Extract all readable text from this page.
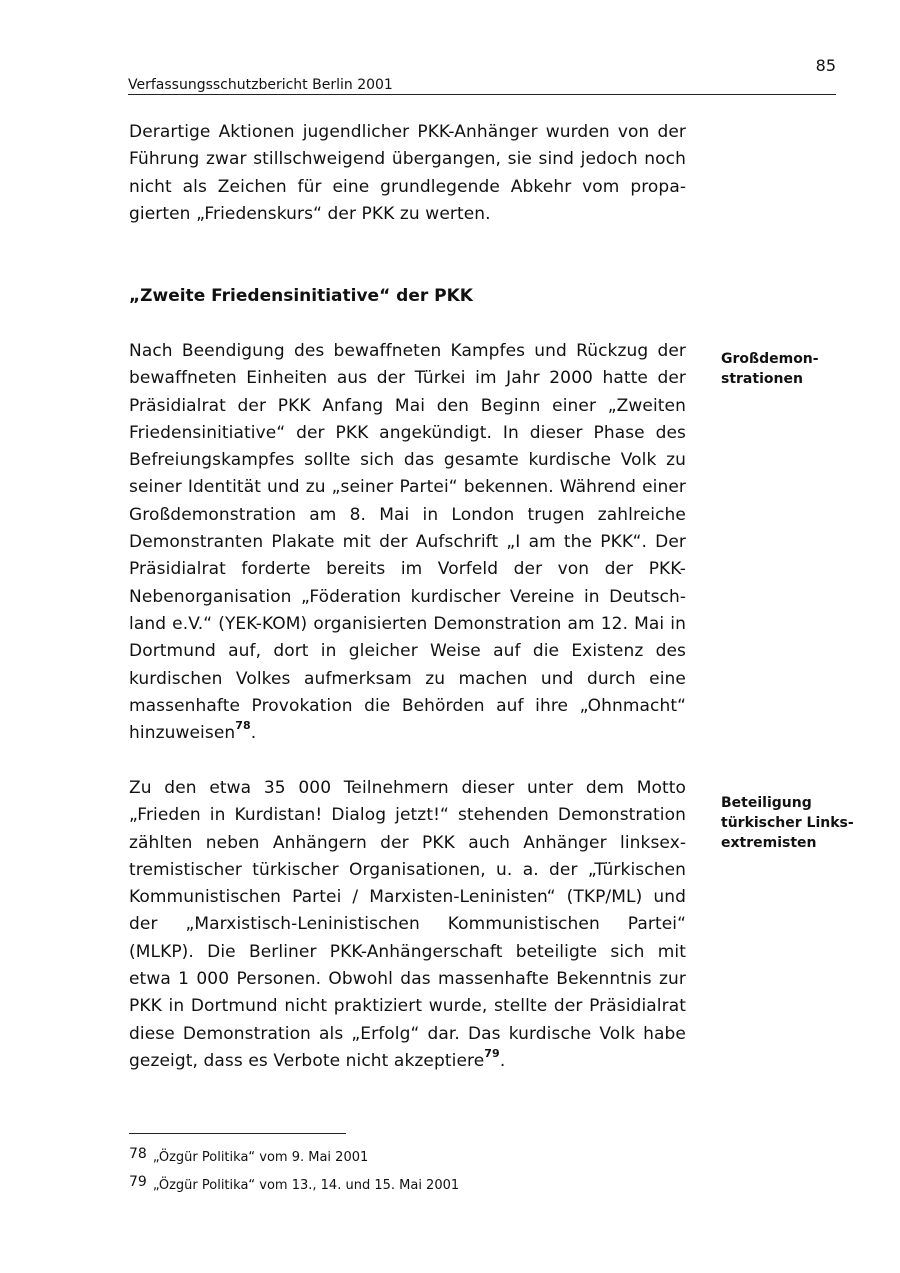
85
Verfassungsschutzbericht Berlin 2001

Derartige Aktionen jugendlicher PKK-Anhänger wurden von der Führung zwar stillschweigend übergangen, sie sind jedoch noch nicht als Zeichen für eine grundlegende Abkehr vom propagierten „Friedenskurs“ der PKK zu werten.

„Zweite Friedensinitiative“ der PKK

Nach Beendigung des bewaffneten Kampfes und Rückzug der bewaffneten Einheiten aus der Türkei im Jahr 2000 hatte der Präsidialrat der PKK Anfang Mai den Beginn einer „Zweiten Friedensinitiative“ der PKK angekündigt. In dieser Phase des Befreiungskampfes sollte sich das gesamte kurdische Volk zu seiner Identität und zu „seiner Partei“ bekennen. Während einer Großdemonstration am 8. Mai in London trugen zahlreiche Demonstranten Plakate mit der Aufschrift „I am the PKK“. Der Präsidialrat forderte bereits im Vorfeld der von der PKK-Nebenorganisation „Föderation kurdischer Vereine in Deutschland e.V.“ (YEK-KOM) organisierten Demonstration am 12. Mai in Dortmund auf, dort in gleicher Weise auf die Existenz des kurdischen Volkes aufmerksam zu machen und durch eine massenhafte Provokation die Behörden auf ihre „Ohnmacht“ hinzuweisen$^{78}$.

Zu den etwa 35 000 Teilnehmern dieser unter dem Motto „Frieden in Kurdistan! Dialog jetzt!“ stehenden Demonstration zählten neben Anhängern der PKK auch Anhänger linksextremistischer türkischer Organisationen, u. a. der „Türkischen Kommunistischen Partei / Marxisten-Leninisten“ (TKP/ML) und der „Marxistisch-Leninistischen Kommunistischen Partei“ (MLKP). Die Berliner PKK-Anhängerschaft beteiligte sich mit etwa 1 000 Personen. Obwohl das massenhafte Bekenntnis zur PKK in Dortmund nicht praktiziert wurde, stellte der Präsidialrat diese Demonstration als „Erfolg“ dar. Das kurdische Volk habe gezeigt, dass es Verbote nicht akzeptiere$^{79}$.

Großdemon-
strationen
Beteiligung
türkischer Links-
extremisten
78 „Özgür Politika“ vom 9. Mai 2001
79 „Özgür Politika“ vom 13., 14. und 15. Mai 2001
